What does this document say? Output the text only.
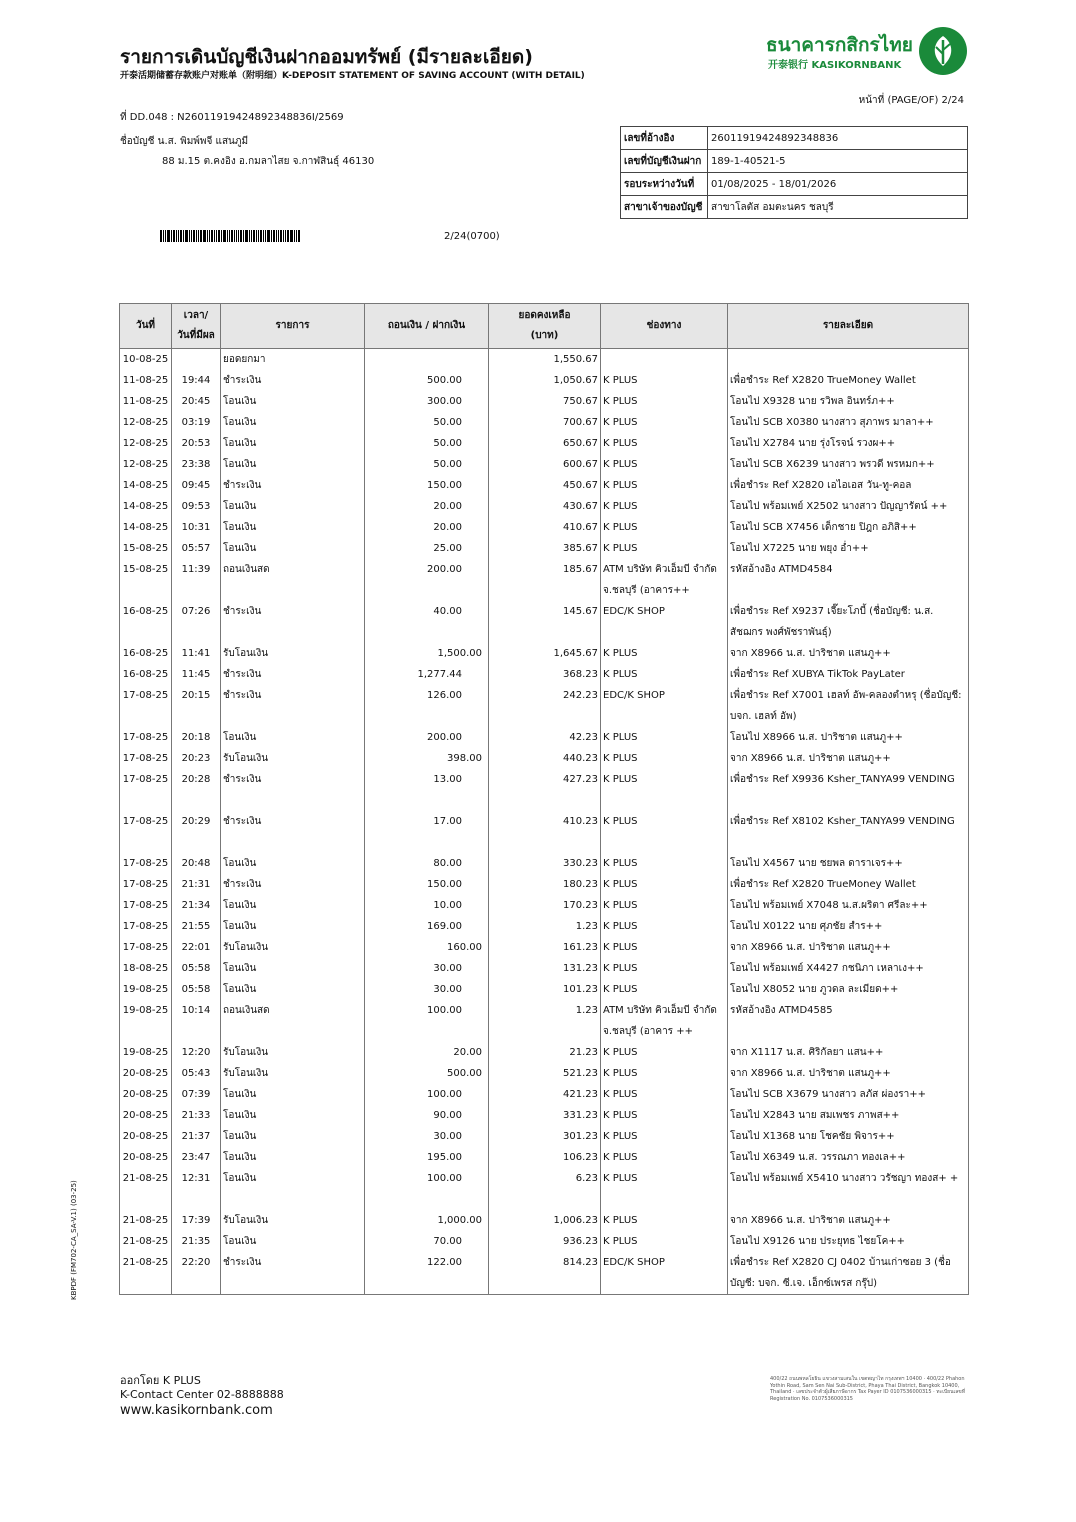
รายการเดินบัญชีเงินฝากออมทรัพย์ (มีรายละเอียด)
开泰活期储蓄存款账户对账单（附明细）K-DEPOSIT STATEMENT OF SAVING ACCOUNT (WITH DETAIL)
ธนาคารกสิกรไทย
开泰银行 KASIKORNBANK
หน้าที่ (PAGE/OF) 2/24
ที่ DD.048 : N26011919424892348836I/2569
ชื่อบัญชี น.ส. พิมพ์พจี แสนภูมี
88 ม.15 ต.คงอิง อ.กมลาไสย จ.กาฬสินธุ์ 46130
2/24(0700)
เลขที่อ้างอิง	26011919424892348836
เลขที่บัญชีเงินฝาก	189-1-40521-5
รอบระหว่างวันที่	01/08/2025 - 18/01/2026
สาขาเจ้าของบัญชี	สาขาโลตัส อมตะนคร ชลบุรี
วันที่	เวลา/
วันที่มีผล	รายการ	ถอนเงิน / ฝากเงิน	ยอดคงเหลือ
(บาท)	ช่องทาง	รายละเอียด
10-08-25		ยอดยกมา		1,550.67		
11-08-25	19:44	ชำระเงิน	500.00	1,050.67	K PLUS	เพื่อชำระ Ref X2820 TrueMoney Wallet
11-08-25	20:45	โอนเงิน	300.00	750.67	K PLUS	โอนไป X9328 นาย รวิพล อินทร์ภ++
12-08-25	03:19	โอนเงิน	50.00	700.67	K PLUS	โอนไป SCB X0380 นางสาว สุภาพร มาลา++
12-08-25	20:53	โอนเงิน	50.00	650.67	K PLUS	โอนไป X2784 นาย รุ่งโรจน์ รวงผ++
12-08-25	23:38	โอนเงิน	50.00	600.67	K PLUS	โอนไป SCB X6239 นางสาว พรวดี พรหมก++
14-08-25	09:45	ชำระเงิน	150.00	450.67	K PLUS	เพื่อชำระ Ref X2820 เอไอเอส วัน-ทู-คอล
14-08-25	09:53	โอนเงิน	20.00	430.67	K PLUS	โอนไป พร้อมเพย์ X2502 นางสาว ปัญญารัตน์ ++
14-08-25	10:31	โอนเงิน	20.00	410.67	K PLUS	โอนไป SCB X7456 เด็กชาย ปิฎก อภิสิ++
15-08-25	05:57	โอนเงิน	25.00	385.67	K PLUS	โอนไป X7225 นาย พยุง อ่ำ++
15-08-25	11:39	ถอนเงินสด	200.00	185.67	ATM บริษัท คิวเอ็มบี จำกัด จ.ชลบุรี (อาคาร++	รหัสอ้างอิง ATMD4584
16-08-25	07:26	ชำระเงิน	40.00	145.67	EDC/K SHOP	เพื่อชำระ Ref X9237 เจี๊ยะโภบี้ (ชื่อบัญชี: น.ส. สัชฌกร พงศ์พัชราพันธุ์)
16-08-25	11:41	รับโอนเงิน	1,500.00	1,645.67	K PLUS	จาก X8966 น.ส. ปาริชาต แสนภู++
16-08-25	11:45	ชำระเงิน	1,277.44	368.23	K PLUS	เพื่อชำระ Ref XUBYA TikTok PayLater
17-08-25	20:15	ชำระเงิน	126.00	242.23	EDC/K SHOP	เพื่อชำระ Ref X7001 เฮลท์ อัพ-คลองตำหรุ (ชื่อบัญชี: บจก. เฮลท์ อัพ)
17-08-25	20:18	โอนเงิน	200.00	42.23	K PLUS	โอนไป X8966 น.ส. ปาริชาต แสนภู++
17-08-25	20:23	รับโอนเงิน	398.00	440.23	K PLUS	จาก X8966 น.ส. ปาริชาต แสนภู++
17-08-25	20:28	ชำระเงิน	13.00	427.23	K PLUS	เพื่อชำระ Ref X9936 Ksher_TANYA99 VENDING
17-08-25	20:29	ชำระเงิน	17.00	410.23	K PLUS	เพื่อชำระ Ref X8102 Ksher_TANYA99 VENDING
17-08-25	20:48	โอนเงิน	80.00	330.23	K PLUS	โอนไป X4567 นาย ชยพล ดาราเจร++
17-08-25	21:31	ชำระเงิน	150.00	180.23	K PLUS	เพื่อชำระ Ref X2820 TrueMoney Wallet
17-08-25	21:34	โอนเงิน	10.00	170.23	K PLUS	โอนไป พร้อมเพย์ X7048 น.ส.ผริตา ศรีละ++
17-08-25	21:55	โอนเงิน	169.00	1.23	K PLUS	โอนไป X0122 นาย ศุภชัย สำร++
17-08-25	22:01	รับโอนเงิน	160.00	161.23	K PLUS	จาก X8966 น.ส. ปาริชาต แสนภู++
18-08-25	05:58	โอนเงิน	30.00	131.23	K PLUS	โอนไป พร้อมเพย์ X4427 กชนิภา เหลาเง++
19-08-25	05:58	โอนเงิน	30.00	101.23	K PLUS	โอนไป X8052 นาย ภูวดล ละเมียด++
19-08-25	10:14	ถอนเงินสด	100.00	1.23	ATM บริษัท คิวเอ็มบี จำกัด จ.ชลบุรี (อาคาร ++	รหัสอ้างอิง ATMD4585
19-08-25	12:20	รับโอนเงิน	20.00	21.23	K PLUS	จาก X1117 น.ส. ศิริกัลยา แสน++
20-08-25	05:43	รับโอนเงิน	500.00	521.23	K PLUS	จาก X8966 น.ส. ปาริชาต แสนภู++
20-08-25	07:39	โอนเงิน	100.00	421.23	K PLUS	โอนไป SCB X3679 นางสาว ลภัส ผ่องรา++
20-08-25	21:33	โอนเงิน	90.00	331.23	K PLUS	โอนไป X2843 นาย สมเพชร ภาพส++
20-08-25	21:37	โอนเงิน	30.00	301.23	K PLUS	โอนไป X1368 นาย โชคชัย พิจาร++
20-08-25	23:47	โอนเงิน	195.00	106.23	K PLUS	โอนไป X6349 น.ส. วรรณภา ทองเล++
21-08-25	12:31	โอนเงิน	100.00	6.23	K PLUS	โอนไป พร้อมเพย์ X5410 นางสาว วรัชญา ทองส+ +
21-08-25	17:39	รับโอนเงิน	1,000.00	1,006.23	K PLUS	จาก X8966 น.ส. ปาริชาต แสนภู++
21-08-25	21:35	โอนเงิน	70.00	936.23	K PLUS	โอนไป X9126 นาย ประยุทธ ไชยโค++
21-08-25	22:20	ชำระเงิน	122.00	814.23	EDC/K SHOP	เพื่อชำระ Ref X2820 CJ 0402 บ้านเก่าซอย 3 (ชื่อบัญชี: บจก. ซี.เจ. เอ็กซ์เพรส กรุ๊ป)
KBPDF (FM702-CA_SA-V.1) (03-25)
ออกโดย K PLUS
K-Contact Center 02-8888888
www.kasikornbank.com
400/22 ถนนพหลโยธิน แขวงสามเสนใน เขตพญาไท กรุงเทพฯ 10400 · 400/22 Phahon Yothin Road, Sam Sen Nai Sub-District, Phaya Thai District, Bangkok 10400, Thailand · เลขประจำตัวผู้เสียภาษีอากร Tax Payer ID 0107536000315 · ทะเบียนเลขที่ Registration No. 0107536000315
